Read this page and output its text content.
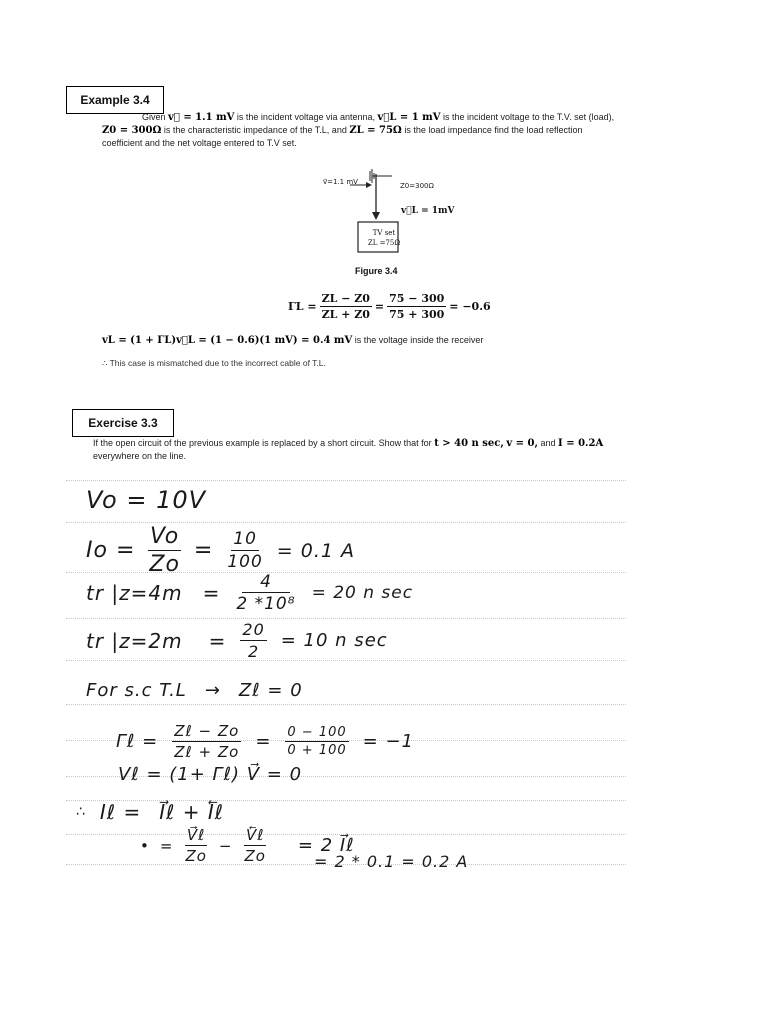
Example 3.4
Given v⃗ = 1.1 mV is the incident voltage via antenna, v⃗L = 1 mV is the incident voltage to the T.V. set (load),
Z0 = 300Ω is the characteristic impedance of the T.L, and ZL = 75Ω is the load impedance find the load reflection
coefficient and the net voltage entered to T.V set.
v⃗=1.1 mV	Z0=300Ω
v⃗L = 1mV
TV set
ZL =75Ω
Figure 3.4
$\Gamma L = \frac{ZL - Z0}{ZL + Z0} = \frac{75 - 300}{75 + 300} = -0.6$
vL = (1 + ΓL)v⃗L = (1 − 0.6)(1 mV) = 0.4 mV is the voltage inside the receiver
∴ This case is mismatched due to the incorrect cable of T.L.
Exercise 3.3
If the open circuit of the previous example is replaced by a short circuit. Show that for t > 40 n sec, v = 0, and I = 0.2A
everywhere on the line.
Vo = 10V
$Io = \frac{Vo}{Zo} = \frac{10}{100} = 0.1$ A
tr $|z=4m = \frac{4}{\text{2 *10⁸}} = 20$ n sec
tr $|z=2m = \frac{20}{2} = 10$ n sec
For s.c T.L → Zℓ = 0
Γℓ = $\frac{\text{Zℓ − Zo}}{\text{Zℓ + Zo}} = \frac{0 - 100}{0 + 100} = -1$
Vℓ = (1+ Γℓ) V⃗ = 0
∴ Iℓ = I⃗ℓ + I⃖ℓ
• = $\frac{\text{V⃗ℓ}}{Zo} - \frac{\text{V⃖ℓ}}{Zo} = 2$ I⃗ℓ
= 2 * 0.1 = 0.2 A
